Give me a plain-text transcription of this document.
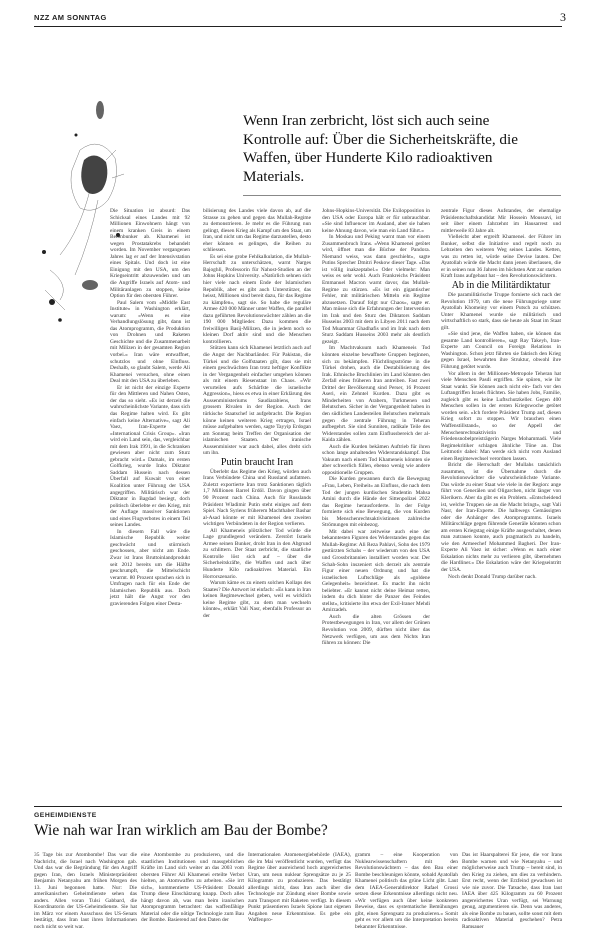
NZZ AM SONNTAG	3
Wenn Iran zerbricht, löst sich auch seine Kontrolle auf: Über die Sicherheitskräfte, die Waffen, über Hunderte Kilo radioaktiven Materials.

Die Situation ist absurd: Das Schicksal eines Landes mit 92 Millionen Einwohnern hängt von einem kranken Greis in einem Betonbunker ab. Khamenei ist wegen Prostatakrebs behandelt worden. Im November vergangenen Jahres lag er auf der Intensivstation eines Spitals. Und doch ist eine Einigung mit den USA, um den Kriegseintritt abzuwenden und um die Angriffe Israels auf Atom- und Militäranlagen zu stoppen, keine Option für den obersten Führer.

Paul Salem vom «Middle East Institute» in Washington erklärt, warum: «Wenn es eine Verhandlungslösung gibt, dann ist das Atomprogramm, die Produktion von Drohnen und Raketen Geschichte und die Zusammenarbeit mit Milizen in der gesamten Region vorbei.» Iran wäre entwaffnet, schutzlos und ohne Einfluss. Deshalb, so glaubt Salem, werde Ali Khamenei versuchen, ohne einen Deal mit den USA zu überleben.

Er ist nicht der einzige Experte für den Mittleren und Nahen Osten, der das so sieht. «Es ist derzeit die wahrscheinlichste Variante, dass sich das Regime halten wird. Es gibt einfach keine Alternative», sagt Ali Vaez, Iran-Experte der «International Crisis Group». «Iran wird ein Land sein, das, vergleichbar mit dem Irak 1991, in die Schranken gewiesen aber nicht zum Sturz gebracht wird.» Damals, im ersten Golfkrieg, wurde Iraks Diktator Saddam Hussein nach dessen Überfall auf Kuwait von einer Koalition unter Führung der USA angegriffen. Militärisch war der Diktator in Bagdad besiegt, doch politisch überlebte er den Krieg, mit der Auflage massiver Sanktionen und eines Flugverbotes in einem Teil seines Landes.

In diesem Fall wäre die Islamische Republik weiter geschwächt und stürmisch geschossen, aber nicht am Ende. Zwar ist Irans Bruttoinlandprodukt seit 2012 bereits um die Hälfte geschrumpft, die Mittelschicht verarmt. 80 Prozent sprachen sich in Umfragen nach für ein Ende der Islamischen Republik aus. Doch jetzt hält die Angst vor den gravierenden Folgen einer Desta-

bilisierung des Landes viele davon ab, auf die Strasse zu gehen und gegen das Mullah-Regime zu demonstrieren. Je mehr es die Führung nun gelingt, diesen Krieg als Kampf um den Staat, um Iran, und nicht um das Regime darzustellen, desto eher können es gelingen, die Reihen zu schliessen.

Es sei eine grobe Fehlkalkulation, die Mullah-Herrschaft zu unterschätzen, warnt Narges Bajoghli, Professorin für Nahost-Studien an der Johns Hopkins University. «Natürlich sehnen sich hier viele nach einem Ende der Islamischen Republik, aber es gibt auch Unterstützer, das heisst, Millionen sind bereit dazu, für das Regime zu kämpfen», sagt sie. So habe die reguläre Armee 420 000 Männer unter Waffen, die parallel dazu geführten Revolutionswächter zählen an die 190 000 Mitglieder. Dazu kommen die freiwilligen Basij-Milizen, die in jedem noch so kleinen Dorf aktiv sind und die Menschen kontrollieren.

Stützen kann sich Khamenei letztlich auch auf die Angst der Nachbarländer. Für Pakistan, die Türkei und die Golfstaaten gilt, dass sie mit einem geschwächten Iran trotz heftiger Konflikte in der Vergangenheit einfacher umgehen können als mit einem Riesenstaat im Chaos. «Wir verurteilen aufs Schärfste die israelische Aggression», hiess es etwa in einer Erklärung des Aussenministeriums Saudiarabiens, Irans grossem Rivalen in der Region. Auch der türkische Staatschef ist aufgebracht. Die Region könne keinen weiteren Krieg ertragen, Israel müsse aufgehalten werden, sagte Tayyip Erdogan am Sonntag beim Treffen der Organisation der islamischen Staaten. Der iranische Aussenminister war auch dabei, alles dreht sich um ihn.

Putin braucht Iran

Überlebt das Regime den Krieg, würden auch Irans Verbündete China und Russland aufatmen. Zuletzt exportierte Iran trotz Sanktionen täglich 1,7 Millionen Barrel Erdöl. Davon gingen über 90 Prozent nach China. Auch für Russlands Präsident Wladimir Putin steht einiges auf dem Spiel. Nach Syriens früherem Machthaber Bashar al-Asad könnte er mit Khamenei den zweiten wichtigen Verbündeten in der Region verlieren.

All Khameneis plötzlicher Tod würde die Lage grundlegend verändern. Zerstört Israels Armee seinen Bunker, droht Iran in den Abgrund zu schlittern. Der Staat zerbricht, die staatliche Kontrolle löst sich auf – über die Sicherheitskräfte, die Waffen und auch über Hunderte Kilo radioaktives Material. Ein Horrorszenario.

Warum käme es zu einem solchen Kollaps des Staates? Die Antwort ist einfach: «Es kann in Iran keinen Regimewechsel geben, weil es wirklich keine Regime gibt, zu dem man wechseln könnte», erklärt Vali Nasr, ebenfalls Professor an der

Johns-Hopkins-Universität. Die Exilopposition in den USA oder Europa hält er für unbrauchbar. «Sie sind Influencer im Ausland, aber sie haben keine Ahnung davon, wie man ein Land führt.»

In Moskau und Peking warnt man vor einem Zusammenbruch Irans. «Wenn Khamenei getötet wird, öffnet man die Büchse der Pandora. Niemand weiss, was dann geschieht», sagte Putins Sprecher Dmitri Peskow dieser Tage. «Das ist völlig inakzeptabel.» Oder vielmehr: Man weiss es sehr wohl. Auch Frankreichs Präsident Emmanuel Macron warnt davor, das Mullah-Regime zu stürzen. «Es ist ein gigantischer Fehler, mit militärischen Mitteln ein Regime abzusetzen. Darauf folgt nur Chaos», sagte er. Man müsse sich die Erfahrungen der Intervention im Irak und den Sturz des Diktators Saddam Husseins 2003 mit dem in Libyen 2011 nach dem Tod Muammar Ghadhafis und im Irak nach dem Sturz Saddam Husseins 2003 mehr als deutlich gezeigt.

Im Machtvakuum nach Khameneis Tod könnten einzelne bewaffnete Gruppen beginnen, sich zu bekämpfen. Flüchtlingsströme in die Türkei drohen, auch die Destabilisierung des Irak. Ethnische Bruchlinien im Land könnten den Zerfall eines früheren Iran antreiben. Fast zwei Drittel der Bevölkerung sind Perser, 16 Prozent Aseri, ein Zehntel Kurden. Dazu gibt es Minderheiten von Arabern, Turkmenen und Belutschen. Sicher in der Vergangenheit haben in den südlichen Landesteilen Belutschen mehrmals gegen die zentrale Führung in Teheran aufbegehrt. Sie sind Sunniten, radikale Teile des Widerstandes sollen zum Einflussbereich der al-Kaida zählen.

Auch die Kurden bekämen Auftrieb für ihren schon lange anhaltenden Widerstandskampf. Das Vakuum nach einem Tod Khameneis könnten sie aber schwerlich füllen, ebenso wenig wie andere oppositionelle Gruppen.

Die Kurden gewannen durch die Bewegung «Frau, Leben, Freiheit» an Einfluss, die nach dem Tod der jungen kurdischen Studentin Mahsa Amini durch die Hände der Sittenpolizei 2022 das Regime herausforderte. In der Folge formierte sich eine Bewegung, die von Kurden bis Menschenrechtsaktivistinnen zahlreiche Strömungen mit einbezog.

Mit dabei war zeitweise auch eine der bekanntesten Figuren des Widerstandes gegen das Mullah-Regime: Ali Reza Pahlavi, Sohn des 1979 gestürzten Schahs – der wiederum von den USA und Grossbritannien installiert worden war. Der Schah-Sohn inszeniert sich derzeit als zentrale Figur einer neuen Ordnung und hat die israelischen Luftschläge als «goldene Gelegenheit» bezeichnet. Es macht ihn nicht beliebter. «Er kannst nicht deine Heimat retten, indem du dich hinter die Panzer des Feindes stellst», kritisierte ihn etwa der Exil-Iraner Mehdi Amirzadeh.

Auch die alten Grössen der Protestbewegungen in Iran, vor allem der Grünen Revolution von 2009, dürften nicht über das Netzwerk verfügen, um aus dem Nichts Iran führen zu können: Die

zentrale Figur dieses Aufstandes, der ehemalige Präsidentschaftskandidat Mir Hossein Moussavi, ist seit über einem Jahrzehnt im Hausarrest und mittlerweile 83 Jahre alt.

Vielleicht aber ergreift Khamenei. der Führer im Bunker, selbst die Initiative und regelt noch zu Lebzeiten den weiteren Weg seines Landes. Ketten, was zu retten ist, würde seine Devise lauten. Der Ayatollah würde die Macht dann jenen überlassen, die er in seinen nun 36 Jahren im höchsten Amt zur starken Kraft Irans aufgebaut hat – den Revolutionswächtern.

Ab in die Militärdiktatur

Die paramilitärische Truppe fornierte sich nach der Revolution 1979, um die neue Führungsriege unter Ayatollah Khomeiny vor einem Putsch zu schützen. Unter Khamenei wurde sie militärisch und wirtschaftlich so stark, dass sie heute als Staat im Staat gilt.

«Sie sind jene, die Waffen haben, sie können das gesamte Land kontrollieren», sagt Ray Takeyh, Iran-Experte am Council on Foreign Relations in Washington. Schon jetzt führten sie faktisch den Krieg gegen Israel, bewahrten ihre Struktur, obwohl ihre Führung getötet wurde.

Vor allem in der Millionen-Metropole Teheran hat viele Menschen Pasdi ergriffen. Sie spüren, wie ihr Staat wankt. Sie können auch nicht ein- fach vor den Luftangriffen Israels flüchten. Sie haben Jobs, Familie, zugleich gibt es keine Luftschutzkeller. Gegen 400 Menschen sollen in der ersten Kriegswoche getötet worden sein. «Ich fordere Präsident Trump auf, diesen Krieg sofort zu stoppen. Wir brauchen einen Waffenstillstand», so der Appell der Menschenrechtsaktivistin und Friedensnobelpreisträgerin Narges Mohammadi. Viele Regimekritiker schlagen ähnliche Töne an. Das Leitmotiv dabei: Man werde sich nicht vom Ausland einen Regimewechsel verordnen lassen.

Bricht die Herrschaft der Mullahs tatsächlich zusammen, ist die Übernahme durch die Revolutionswächter die wahrscheinlichste Variante. Das würde zu einer Staat wie viele in der Region: ange führt von Generälen und Oligarchen, nicht länger von Klerikern. Aber da gibt es ein Problem. «Entscheidend ist, welche Truppen sie an die Macht bringt», sagt Vali Nasr, der Iran-Experte. Die halbwegs Gemässigten oder die Anhänger des Atomprogramms. Israels Militärschläge gegen führende Generäle könnten schon am ersten Kriegstag einige Kräfte ausgeschaltet, denen man zutrauen konnte, auch pragmatisch zu handeln, wie den Armeechef Mohammed Bagheri. Der Iran-Experte Ali Vaez ist sicher: «Wenn es nach einer Eskalation nichts mehr zu verlieren gibt, übernehmen die Hardliner.» Die Eskalation wäre der Kriegseintritt der USA.

Noch denkt Donald Trump darüber nach.

GEHEIMDIENSTE
Wie nah war Iran wirklich am Bau der Bombe?
35 Tage bis zur Atombombe! Das war die Nachricht, die Israel nach Washington gab. Und das war die Begründung für den Angriff gegen Iran, den Israels Ministerpräsident Benjamin Netanyahu am frühen Morgen des 13. Juni begonnen hatte. Nur: Die amerikanischen Geheimdienste sehen das anders. Allen voran Tulsi Gabbard, die Koordinatorin der US-Geheimdienste. Sie hat im März vor einem Ausschuss des US-Senats bestätigt, dass Iran laut ihren Informationen noch nicht so weit war.
eine Atombombe zu produzieren, und die staatlichen Institutionen und massgeblichen Kräfte im Land sich weiter an das 2003 vom obersten Führer Ali Khamenei erteilte Verbot hielten, an Atomwaffen zu arbeiten. «Sie irrt sich», kommentierte US-Präsident Donald Trump diese Einschätzung knapp. Doch alles hängt davon ab, was man beim iranischen Atomprogramm betrachtet: das waffenfähige Material oder die nötige Technologie zum Bau der Bombe. Basierend auf den Daten der
Internationalen Atomenergiebehörde (IAEA), die im Mai veröffentlicht wurden, verfügt das Regime über ausreichend hoch angereichertes Uran, um neun nuklear Sprengsätze zu je 25 Kilogramm zu produzieren. Das bestätigt allerdings nicht, dass Iran auch über die Technologie zur Zündung einer Bombe sowie zum Transport mit Raketen verfügt. In diesem Punkt präsentieren Israels Spione laut eigenen Angaben neue Erkenntnisse. Es gebe ein Waffenpro-
gramm – eine Kooperation von Nuklearwissenschaftern mit den Revolutionswächtern – das den Bau einer Bombe beschleunigen könnte, sobald Ayatollah Khamenei politisch das grüne Licht gibt. Laut dem IAEA-Generaldirektor Rafael Grossi setzen diese Erkenntnisse allerdings nicht neu. «Wir verfügen auch über keine konkreten Beweise, dass es systematische Bemühungen gibt, einen Sprengsatz zu produzieren.» Somit geht es vor allem um die Interpretation bereits bekannter Erkenntnisse.
Das ist Haarspalterei für jene, die vor Irans Bombe warnen und wie Netanyahu – und möglicherweise auch Trump – bereit sind, in den Krieg zu ziehen, um dies zu verhindern. Erst recht, wenn der Erzfeind gewachsen ist wie nie zuvor. Die Tatsache, dass Iran laut IAEA über 425 Kilogramm zu 60 Prozent angereichertes Uran verfügt, sei Warnung genug, argumentieren sie. Denn was anderes, als eine Bombe zu bauen, sollte sonst mit dem radioaktiven Material geschehen? Petra Ramsauer
